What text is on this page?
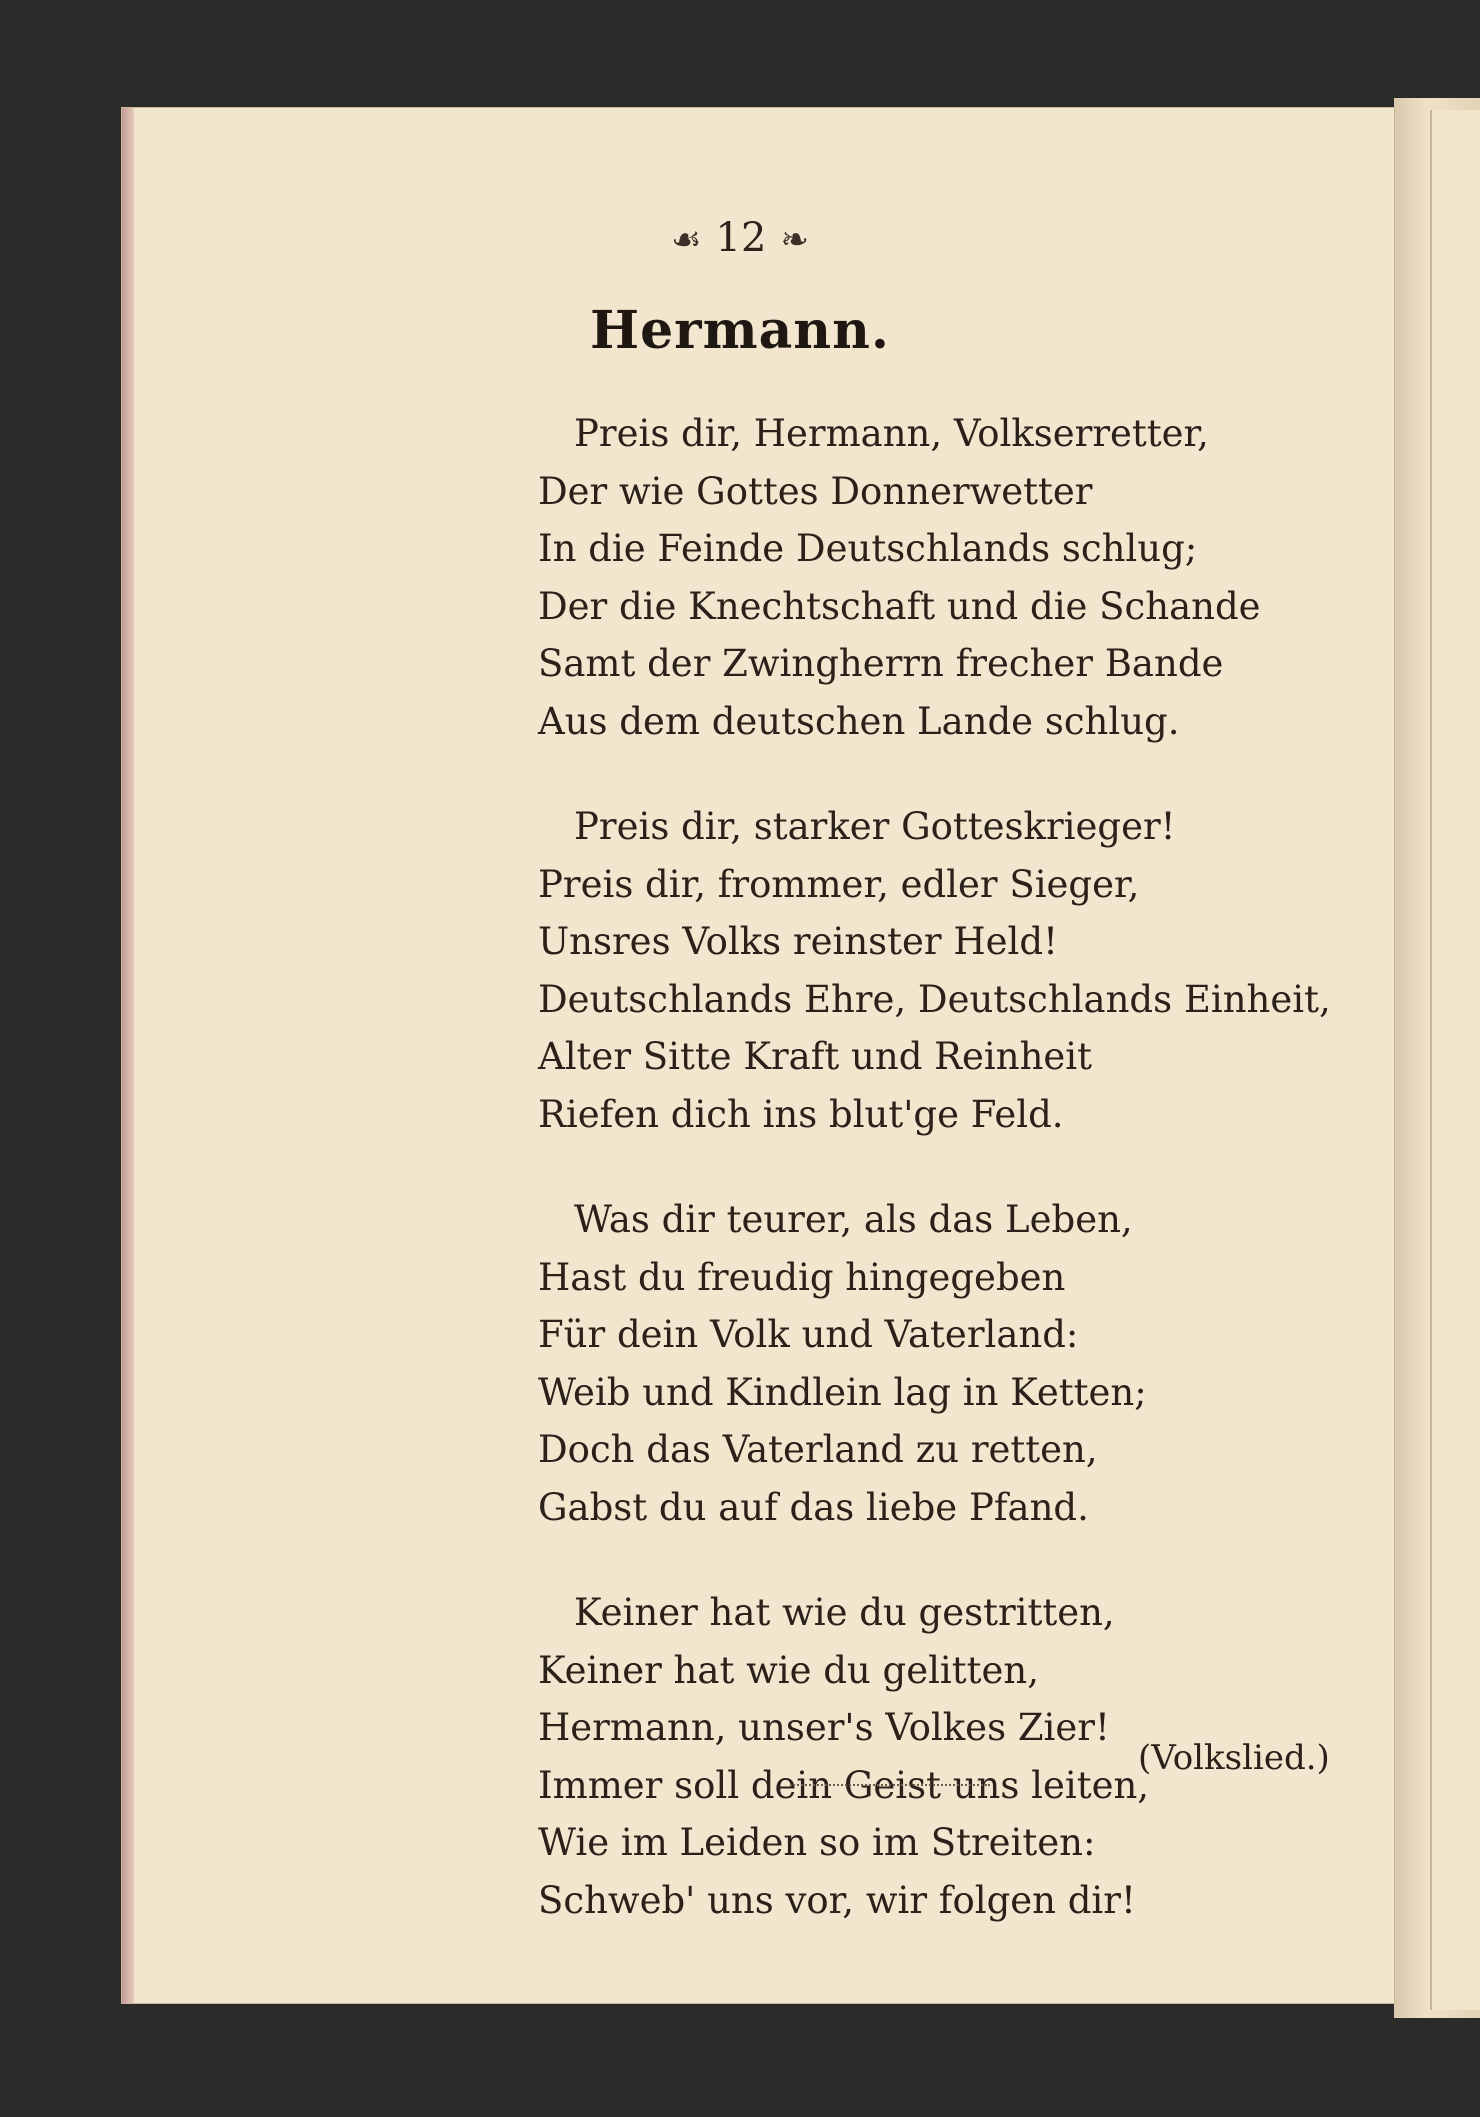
☙ 12 ❧
Hermann.
Preis dir, Hermann, Volkserretter,
Der wie Gottes Donnerwetter
In die Feinde Deutschlands schlug;
Der die Knechtschaft und die Schande
Samt der Zwingherrn frecher Bande
Aus dem deutschen Lande schlug.
Preis dir, starker Gotteskrieger!
Preis dir, frommer, edler Sieger,
Unsres Volks reinster Held!
Deutschlands Ehre, Deutschlands Einheit,
Alter Sitte Kraft und Reinheit
Riefen dich ins blut'ge Feld.
Was dir teurer, als das Leben,
Hast du freudig hingegeben
Für dein Volk und Vaterland:
Weib und Kindlein lag in Ketten;
Doch das Vaterland zu retten,
Gabst du auf das liebe Pfand.
Keiner hat wie du gestritten,
Keiner hat wie du gelitten,
Hermann, unser's Volkes Zier!
Immer soll dein Geist uns leiten,
Wie im Leiden so im Streiten:
Schweb' uns vor, wir folgen dir!
(Volkslied.)
